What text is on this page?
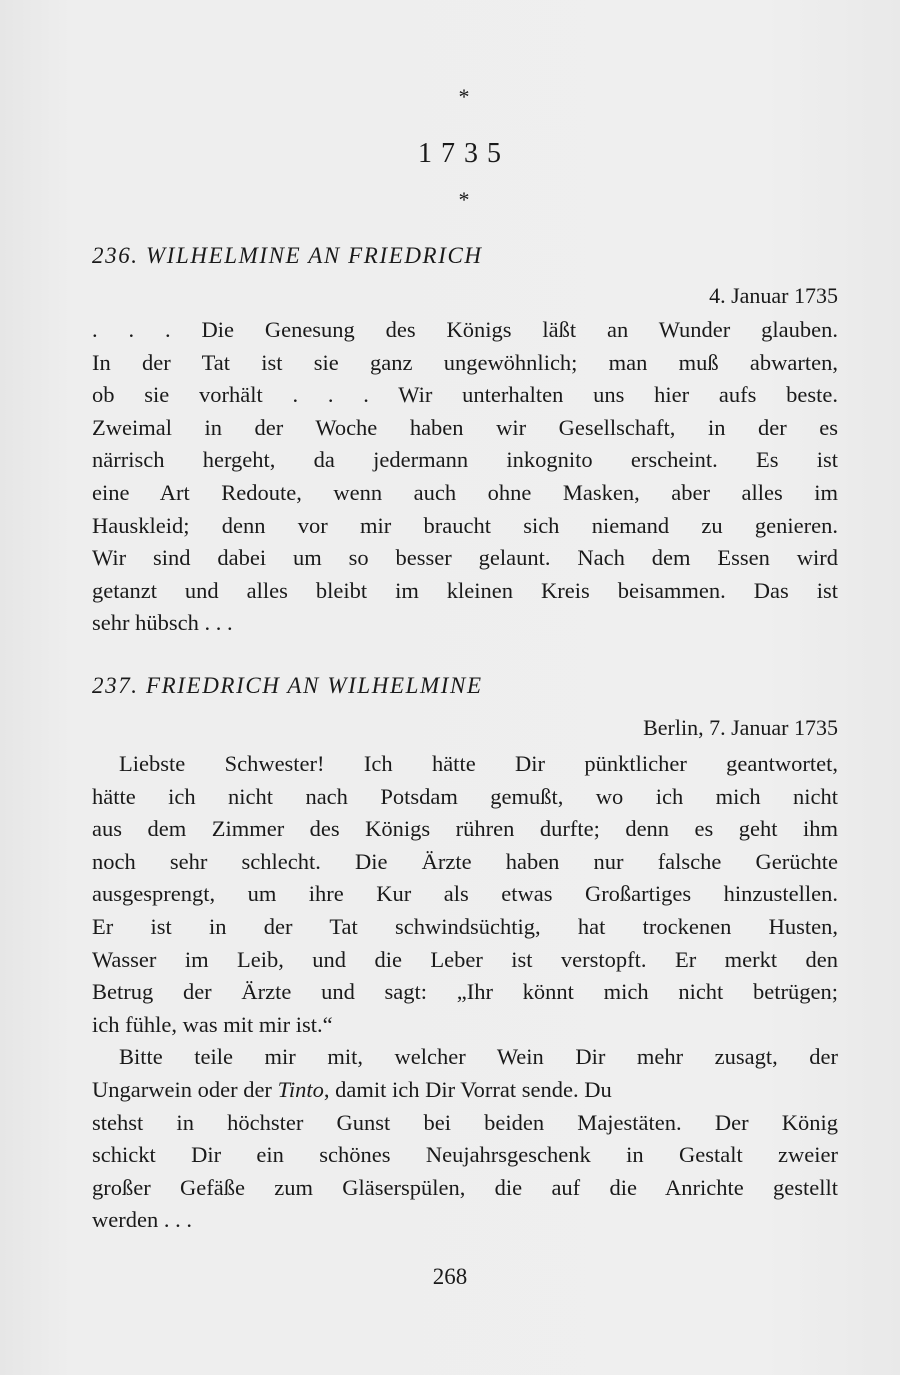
*
1735
*
236. WILHELMINE AN FRIEDRICH
4. Januar 1735

. . . Die Genesung des Königs läßt an Wunder glauben.
In der Tat ist sie ganz ungewöhnlich; man muß abwarten,
ob sie vorhält . . . Wir unterhalten uns hier aufs beste.
Zweimal in der Woche haben wir Gesellschaft, in der es
närrisch hergeht, da jedermann inkognito erscheint. Es ist
eine Art Redoute, wenn auch ohne Masken, aber alles im
Hauskleid; denn vor mir braucht sich niemand zu genieren.
Wir sind dabei um so besser gelaunt. Nach dem Essen wird
getanzt und alles bleibt im kleinen Kreis beisammen. Das ist
sehr hübsch . . .

237. FRIEDRICH AN WILHELMINE
Berlin, 7. Januar 1735

Liebste Schwester! Ich hätte Dir pünktlicher geantwortet,
hätte ich nicht nach Potsdam gemußt, wo ich mich nicht
aus dem Zimmer des Königs rühren durfte; denn es geht ihm
noch sehr schlecht. Die Ärzte haben nur falsche Gerüchte
ausgesprengt, um ihre Kur als etwas Großartiges hinzustellen.
Er ist in der Tat schwindsüchtig, hat trockenen Husten,
Wasser im Leib, und die Leber ist verstopft. Er merkt den
Betrug der Ärzte und sagt: „Ihr könnt mich nicht betrügen;
ich fühle, was mit mir ist.“

Bitte teile mir mit, welcher Wein Dir mehr zusagt, der
Ungarwein oder der Tinto , damit ich Dir Vorrat sende. Du
stehst in höchster Gunst bei beiden Majestäten. Der König
schickt Dir ein schönes Neujahrsgeschenk in Gestalt zweier
großer Gefäße zum Gläserspülen, die auf die Anrichte gestellt
werden . . .

268
